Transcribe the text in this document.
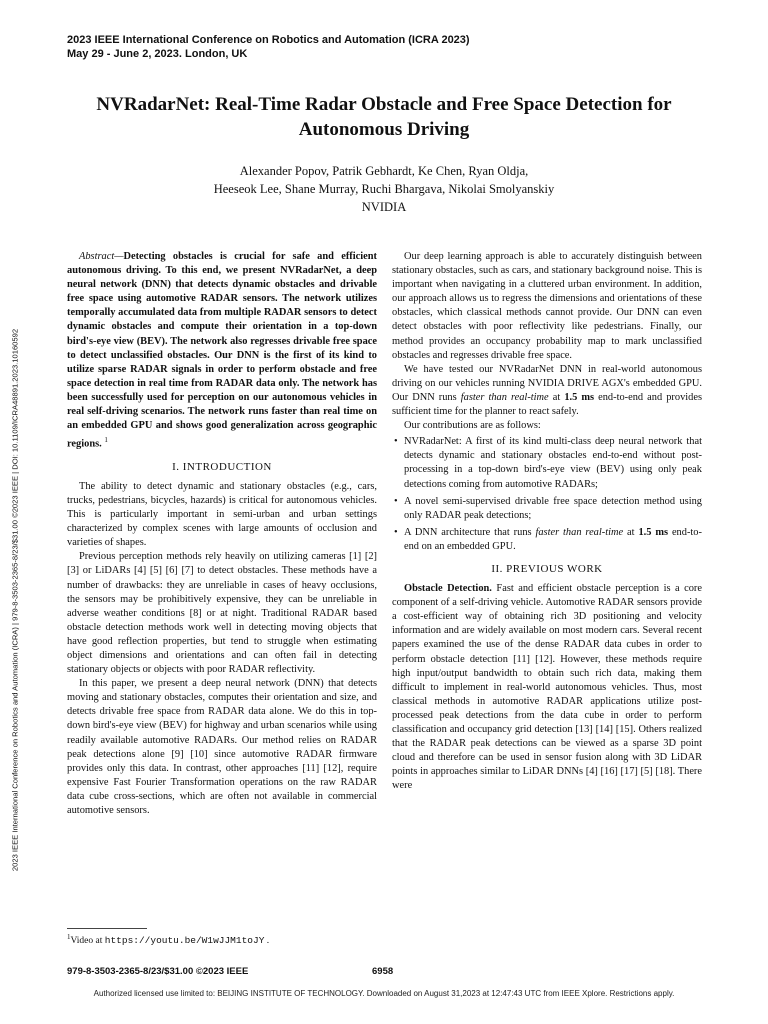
2023 IEEE International Conference on Robotics and Automation (ICRA 2023)
May 29 - June 2, 2023. London, UK
2023 IEEE International Conference on Robotics and Automation (ICRA) | 979-8-3503-2365-8/23/$31.00 ©2023 IEEE | DOI: 10.1109/ICRA48891.2023.10160592
NVRadarNet: Real-Time Radar Obstacle and Free Space Detection for
Autonomous Driving
Alexander Popov, Patrik Gebhardt, Ke Chen, Ryan Oldja,
Heeseok Lee, Shane Murray, Ruchi Bhargava, Nikolai Smolyanskiy
NVIDIA

Abstract—Detecting obstacles is crucial for safe and efficient autonomous driving. To this end, we present NVRadarNet, a deep neural network (DNN) that detects dynamic obstacles and drivable free space using automotive RADAR sensors. The network utilizes temporally accumulated data from multiple RADAR sensors to detect dynamic obstacles and compute their orientation in a top-down bird's-eye view (BEV). The network also regresses drivable free space to detect unclassified obstacles. Our DNN is the first of its kind to utilize sparse RADAR signals in order to perform obstacle and free space detection in real time from RADAR data only. The network has been successfully used for perception on our autonomous vehicles in real self-driving scenarios. The network runs faster than real time on an embedded GPU and shows good generalization across geographic regions. $^1$

I. INTRODUCTION

The ability to detect dynamic and stationary obstacles (e.g., cars, trucks, pedestrians, bicycles, hazards) is critical for autonomous vehicles. This is particularly important in semi-urban and urban settings characterized by complex scenes with large amounts of occlusion and varieties of shapes.

Previous perception methods rely heavily on utilizing cameras [1] [2] [3] or LiDARs [4] [5] [6] [7] to detect obstacles. These methods have a number of drawbacks: they are unreliable in cases of heavy occlusions, the sensors may be prohibitively expensive, they can be unreliable in adverse weather conditions [8] or at night. Traditional RADAR based obstacle detection methods work well in detecting moving objects that have good reflection properties, but tend to struggle when estimating object dimensions and orientations and can often fail in detecting stationary objects or objects with poor RADAR reflectivity.

In this paper, we present a deep neural network (DNN) that detects moving and stationary obstacles, computes their orientation and size, and detects drivable free space from RADAR data alone. We do this in top-down bird's-eye view (BEV) for highway and urban scenarios while using readily available automotive RADARs. Our method relies on RADAR peak detections alone [9] [10] since automotive RADAR firmware provides only this data. In contrast, other approaches [11] [12], require expensive Fast Fourier Transformation operations on the raw RADAR data cube cross-sections, which are often not available in commercial automotive sensors.

$^1$Video at https://youtu.be/W1wJJM1toJY .

Our deep learning approach is able to accurately distinguish between stationary obstacles, such as cars, and stationary background noise. This is important when navigating in a cluttered urban environment. In addition, our approach allows us to regress the dimensions and orientations of these obstacles, which classical methods cannot provide. Our DNN can even detect obstacles with poor reflectivity like pedestrians. Finally, our method provides an occupancy probability map to mark unclassified obstacles and regresses drivable free space.

We have tested our NVRadarNet DNN in real-world autonomous driving on our vehicles running NVIDIA DRIVE AGX's embedded GPU. Our DNN runs faster than real-time at 1.5 ms end-to-end and provides sufficient time for the planner to react safely.

Our contributions are as follows:

• NVRadarNet: A first of its kind multi-class deep neural network that detects dynamic and stationary obstacles end-to-end without post-processing in a top-down bird's-eye view (BEV) using only peak detections coming from automotive RADARs;
• A novel semi-supervised drivable free space detection method using only RADAR peak detections;
• A DNN architecture that runs faster than real-time at 1.5 ms end-to-end on an embedded GPU.
II. PREVIOUS WORK

Obstacle Detection. Fast and efficient obstacle perception is a core component of a self-driving vehicle. Automotive RADAR sensors provide a cost-efficient way of obtaining rich 3D positioning and velocity information and are widely available on most modern cars. Several recent papers examined the use of the dense RADAR data cubes in order to perform obstacle detection [11] [12]. However, these methods require high input/output bandwidth to obtain such rich data, making them difficult to implement in real-world autonomous vehicles. Thus, most classical methods in automotive RADAR applications utilize post-processed peak detections from the data cube in order to perform classification and occupancy grid detection [13] [14] [15]. Others realized that the RADAR peak detections can be viewed as a sparse 3D point cloud and therefore can be used in sensor fusion along with 3D LiDAR points in approaches similar to LiDAR DNNs [4] [16] [17] [5] [18]. There were

979-8-3503-2365-8/23/$31.00 ©2023 IEEE	6958
Authorized licensed use limited to: BEIJING INSTITUTE OF TECHNOLOGY. Downloaded on August 31,2023 at 12:47:43 UTC from IEEE Xplore. Restrictions apply.
